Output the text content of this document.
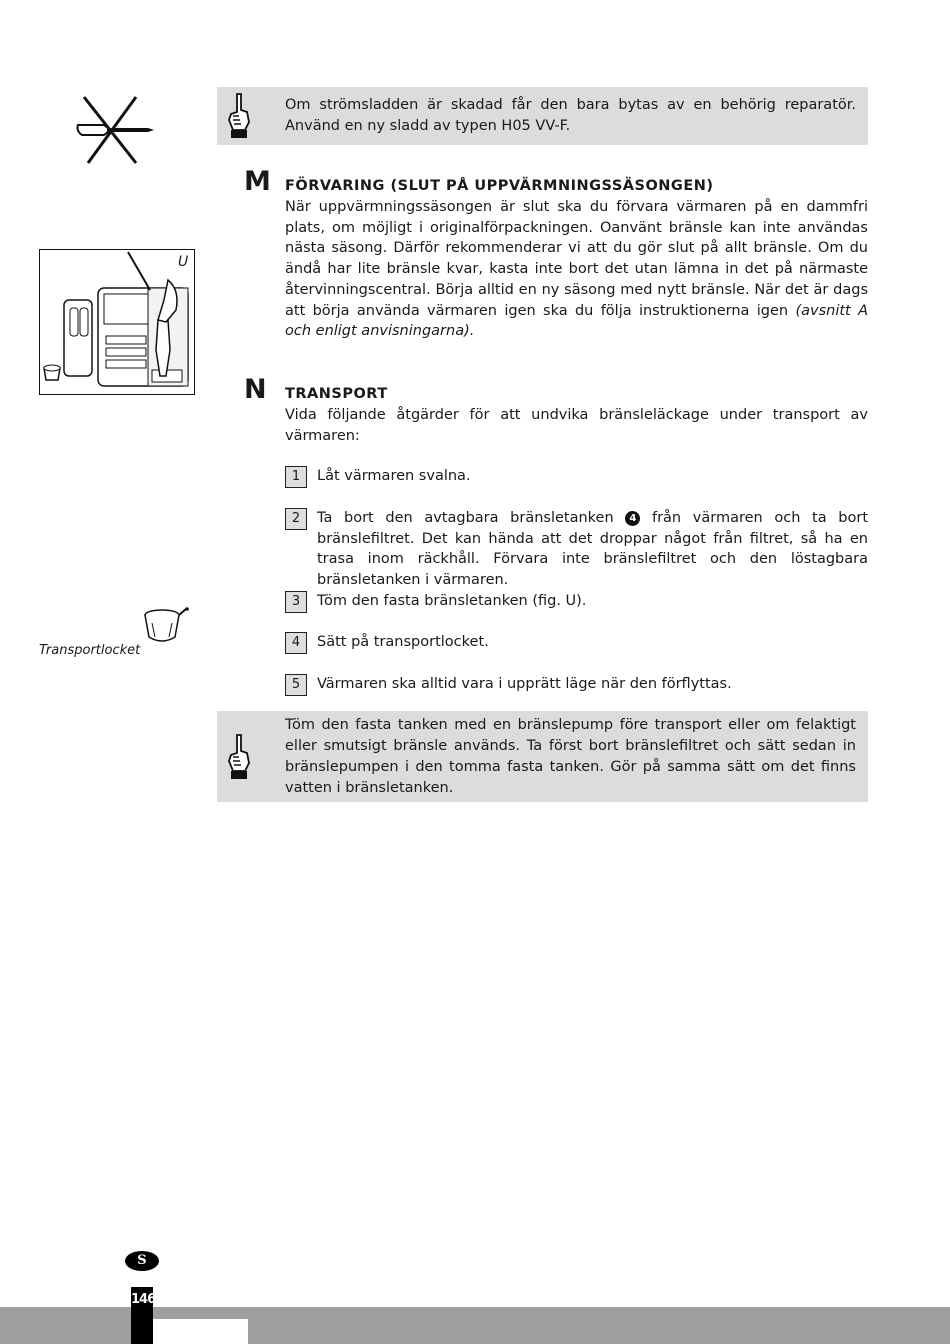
Om strömsladden är skadad får den bara bytas av en behörig reparatör. Använd en ny sladd av typen H05 VV-F.
U
M FÖRVARING (SLUT PÅ UPPVÄRMNINGSSÄSONGEN)
När uppvärmningssäsongen är slut ska du förvara värmaren på en dammfri plats, om möjligt i originalförpackningen. Oanvänt bränsle kan inte användas nästa säsong. Därför rekommenderar vi att du gör slut på allt bränsle. Om du ändå har lite bränsle kvar, kasta inte bort det utan lämna in det på närmaste återvinningscentral. Börja alltid en ny säsong med nytt bränsle. När det är dags att börja använda värmaren igen ska du följa instruktionerna igen (avsnitt A och enligt anvisningarna).
N TRANSPORT
Vida följande åtgärder för att undvika bränsleläckage under transport av värmaren:
1	Låt värmaren svalna.
2	Ta bort den avtagbara bränsletanken 4 från värmaren och ta bort bränslefiltret. Det kan hända att det droppar något från filtret, så ha en trasa inom räckhåll. Förvara inte bränslefiltret och den löstagbara bränsletanken i värmaren.
3	Töm den fasta bränsletanken (fig. U).
4	Sätt på transportlocket.
5	Värmaren ska alltid vara i upprätt läge när den förflyttas.
Transportlocket
Töm den fasta tanken med en bränslepump före transport eller om felaktigt eller smutsigt bränsle används. Ta först bort bränslefiltret och sätt sedan in bränslepumpen i den tomma fasta tanken. Gör på samma sätt om det finns vatten i bränsletanken.
146
S
